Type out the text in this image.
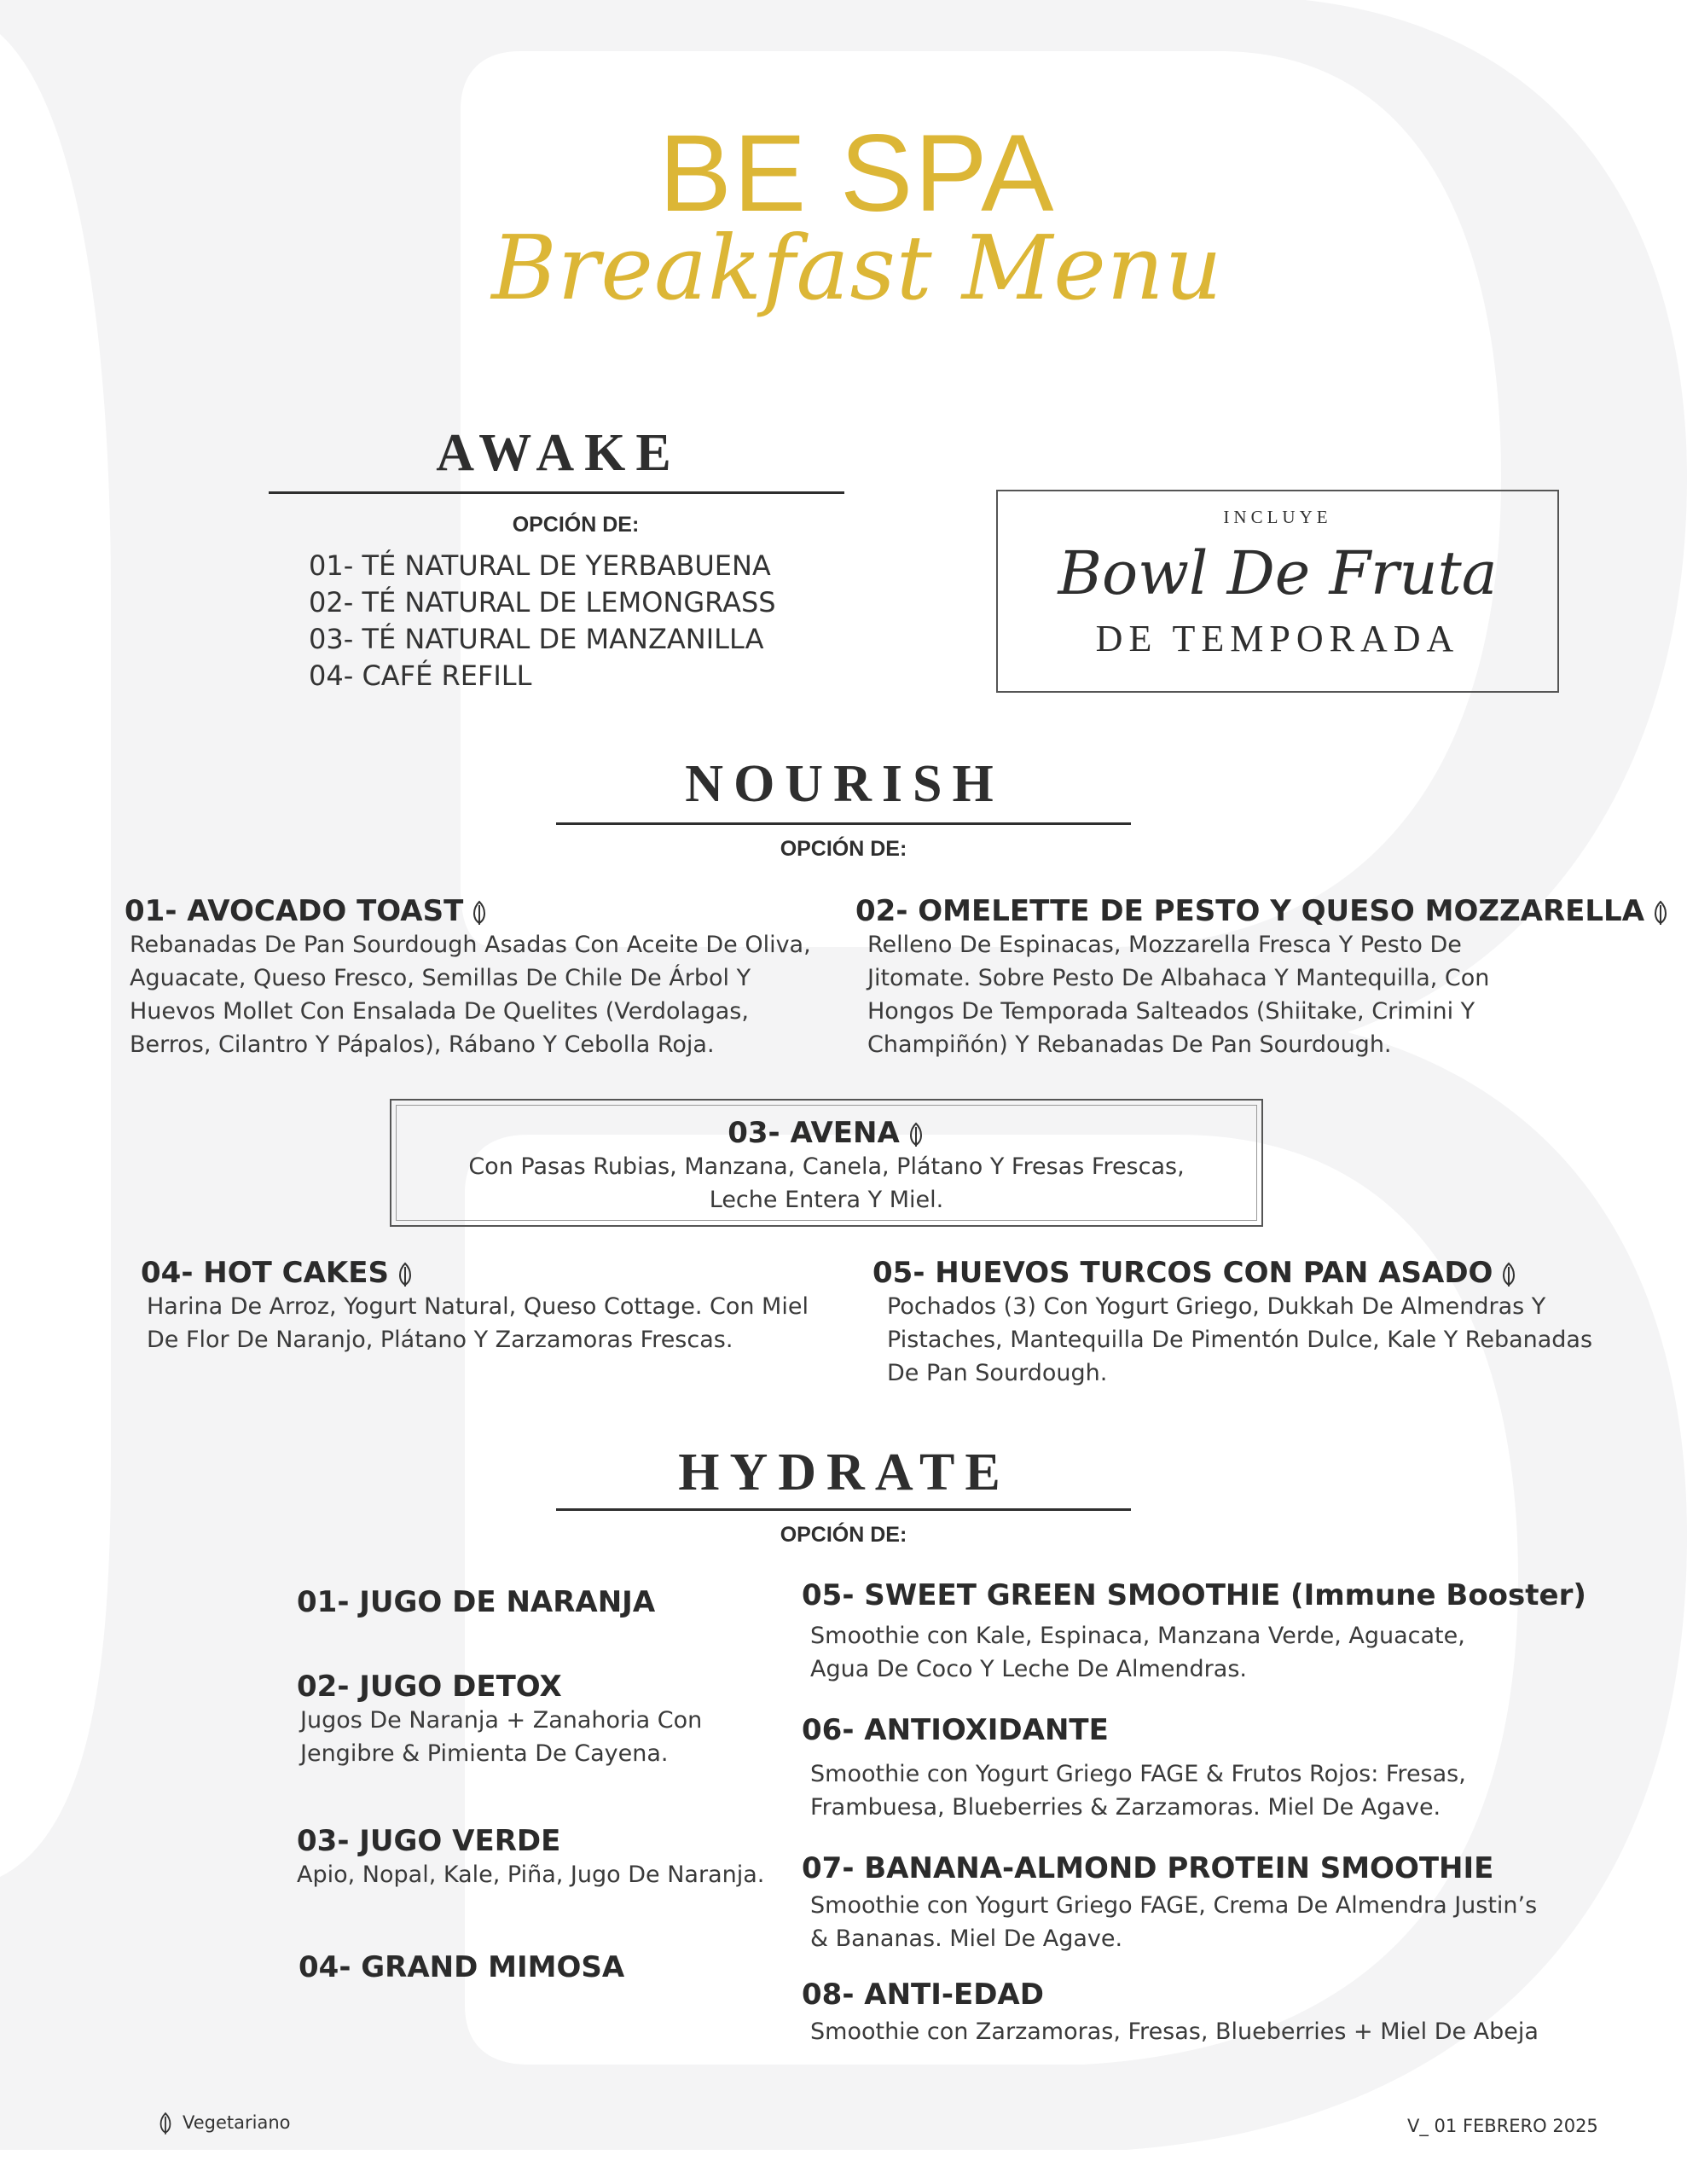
BE SPA
Breakfast Menu
AWAKE
OPCIÓN DE:
01- TÉ NATURAL DE YERBABUENA
02- TÉ NATURAL DE LEMONGRASS
03- TÉ NATURAL DE MANZANILLA
04- CAFÉ REFILL
INCLUYE
Bowl De Fruta
DE TEMPORADA
NOURISH
OPCIÓN DE:
01- AVOCADO TOAST
Rebanadas De Pan Sourdough Asadas Con Aceite De Oliva,
Aguacate, Queso Fresco, Semillas De Chile De Árbol Y
Huevos Mollet Con Ensalada De Quelites (Verdolagas,
Berros, Cilantro Y Pápalos), Rábano Y Cebolla Roja.
02- OMELETTE DE PESTO Y QUESO MOZZARELLA
Relleno De Espinacas, Mozzarella Fresca Y Pesto De
Jitomate. Sobre Pesto De Albahaca Y Mantequilla, Con
Hongos De Temporada Salteados (Shiitake, Crimini Y
Champiñón) Y Rebanadas De Pan Sourdough.
03- AVENA
Con Pasas Rubias, Manzana, Canela, Plátano Y Fresas Frescas,
Leche Entera Y Miel.
04- HOT CAKES
Harina De Arroz, Yogurt Natural, Queso Cottage. Con Miel
De Flor De Naranjo, Plátano Y Zarzamoras Frescas.
05- HUEVOS TURCOS CON PAN ASADO
Pochados (3) Con Yogurt Griego, Dukkah De Almendras Y
Pistaches, Mantequilla De Pimentón Dulce, Kale Y Rebanadas
De Pan Sourdough.
HYDRATE
OPCIÓN DE:
01- JUGO DE NARANJA
02- JUGO DETOX
Jugos De Naranja + Zanahoria Con
Jengibre & Pimienta De Cayena.
03- JUGO VERDE
Apio, Nopal, Kale, Piña, Jugo De Naranja.
04- GRAND MIMOSA
05- SWEET GREEN SMOOTHIE (Immune Booster)
Smoothie con Kale, Espinaca, Manzana Verde, Aguacate,
Agua De Coco Y Leche De Almendras.
06- ANTIOXIDANTE
Smoothie con Yogurt Griego FAGE & Frutos Rojos: Fresas,
Frambuesa, Blueberries & Zarzamoras. Miel De Agave.
07- BANANA-ALMOND PROTEIN SMOOTHIE
Smoothie con Yogurt Griego FAGE, Crema De Almendra Justin’s
& Bananas. Miel De Agave.
08- ANTI-EDAD
Smoothie con Zarzamoras, Fresas, Blueberries + Miel De Abeja
Vegetariano	V_ 01 FEBRERO 2025
